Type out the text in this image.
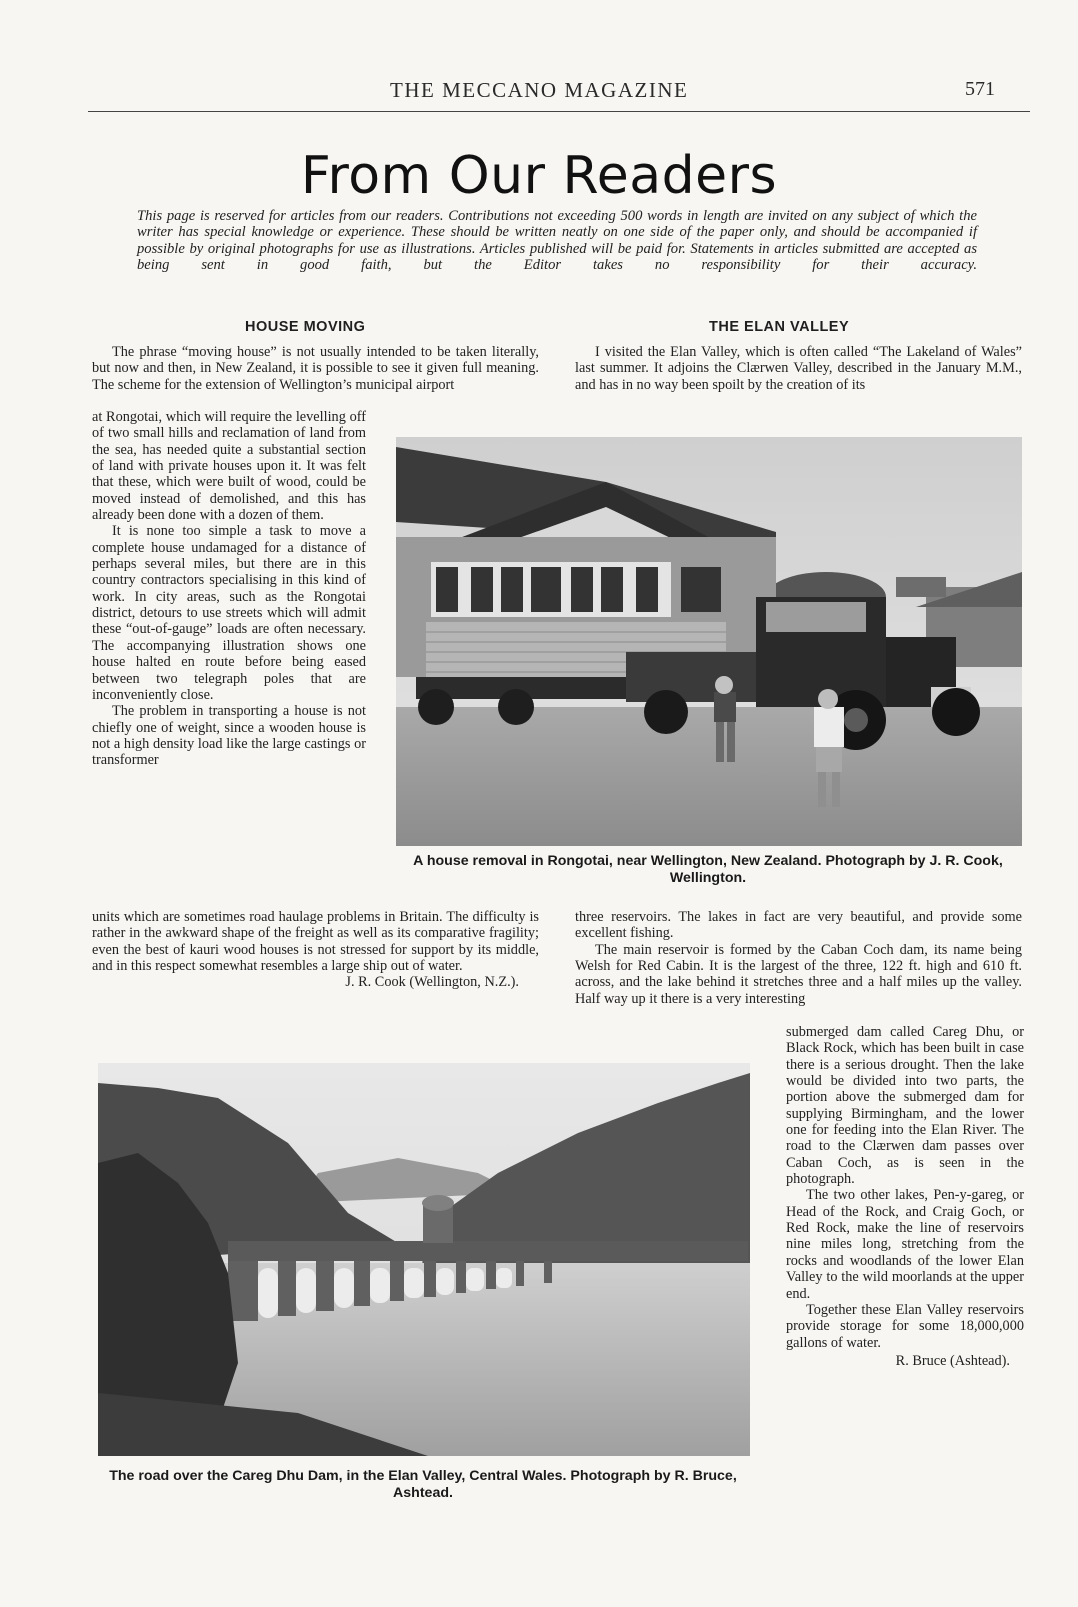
THE MECCANO MAGAZINE	571
From Our Readers
This page is reserved for articles from our readers. Contributions not exceeding 500 words in length are invited on any subject of which the writer has special knowledge or experience. These should be written neatly on one side of the paper only, and should be accompanied if possible by original photographs for use as illustrations. Articles published will be paid for. Statements in articles submitted are accepted as being sent in good faith, but the Editor takes no responsibility for their accuracy.
HOUSE MOVING	THE ELAN VALLEY

The phrase “moving house” is not usually intended to be taken literally, but now and then, in New Zealand, it is possible to see it given full meaning. The scheme for the extension of Wellington’s municipal airport

at Rongotai, which will require the levelling off of two small hills and reclamation of land from the sea, has needed quite a substantial section of land with private houses upon it. It was felt that these, which were built of wood, could be moved instead of demolished, and this has already been done with a dozen of them.

It is none too simple a task to move a complete house undamaged for a distance of perhaps several miles, but there are in this country contractors specialising in this kind of work. In city areas, such as the Rongotai district, detours to use streets which will admit these “out-of-gauge” loads are often necessary. The accompanying illustration shows one house halted en route before being eased between two telegraph poles that are inconveniently close.

The problem in transporting a house is not chiefly one of weight, since a wooden house is not a high density load like the large castings or transformer

units which are sometimes road haulage problems in Britain. The difficulty is rather in the awkward shape of the freight as well as its comparative fragility; even the best of kauri wood houses is not stressed for support by its middle, and in this respect somewhat resembles a large ship out of water.

J. R. Cook (Wellington, N.Z.).

I visited the Elan Valley, which is often called “The Lakeland of Wales” last summer. It adjoins the Clærwen Valley, described in the January M.M., and has in no way been spoilt by the creation of its

three reservoirs. The lakes in fact are very beautiful, and provide some excellent fishing.

The main reservoir is formed by the Caban Coch dam, its name being Welsh for Red Cabin. It is the largest of the three, 122 ft. high and 610 ft. across, and the lake behind it stretches three and a half miles up the valley. Half way up it there is a very interesting

submerged dam called Careg Dhu, or Black Rock, which has been built in case there is a serious drought. Then the lake would be divided into two parts, the portion above the submerged dam for supplying Birmingham, and the lower one for feeding into the Elan River. The road to the Clærwen dam passes over Caban Coch, as is seen in the photograph.

The two other lakes, Pen-y-gareg, or Head of the Rock, and Craig Goch, or Red Rock, make the line of reservoirs nine miles long, stretching from the rocks and woodlands of the lower Elan Valley to the wild moorlands at the upper end.

Together these Elan Valley reservoirs provide storage for some 18,000,000 gallons of water.

R. Bruce (Ashtead).

A house removal in Rongotai, near Wellington, New Zealand. Photograph by J. R. Cook, Wellington.
The road over the Careg Dhu Dam, in the Elan Valley, Central Wales. Photograph by R. Bruce, Ashtead.
